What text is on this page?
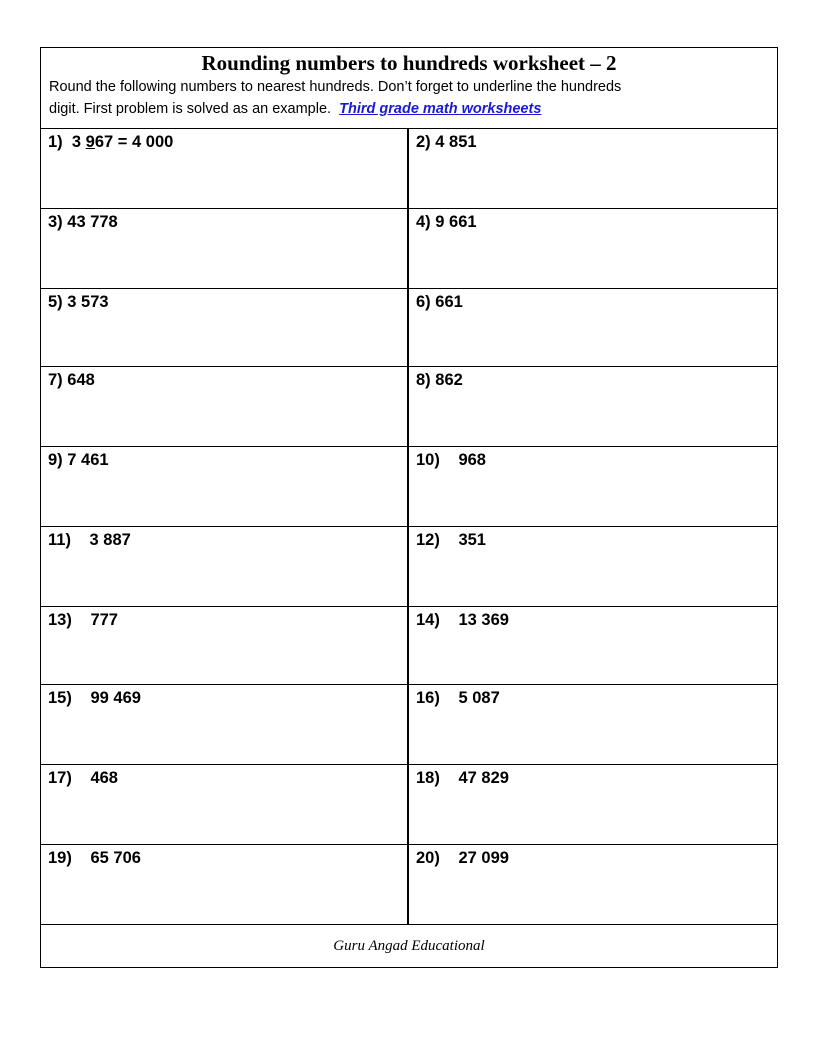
Rounding numbers to hundreds worksheet – 2
Round the following numbers to nearest hundreds. Don’t forget to underline the hundreds
digit. First problem is solved as an example. Third grade math worksheets
1) 3 967 = 4 000	2) 4 851
3) 43 778	4) 9 661
5) 3 573	6) 661
7) 648	8) 862
9) 7 461	10) 968
11) 3 887	12) 351
13) 777	14) 13 369
15) 99 469	16) 5 087
17) 468	18) 47 829
19) 65 706	20) 27 099
Guru Angad Educational
